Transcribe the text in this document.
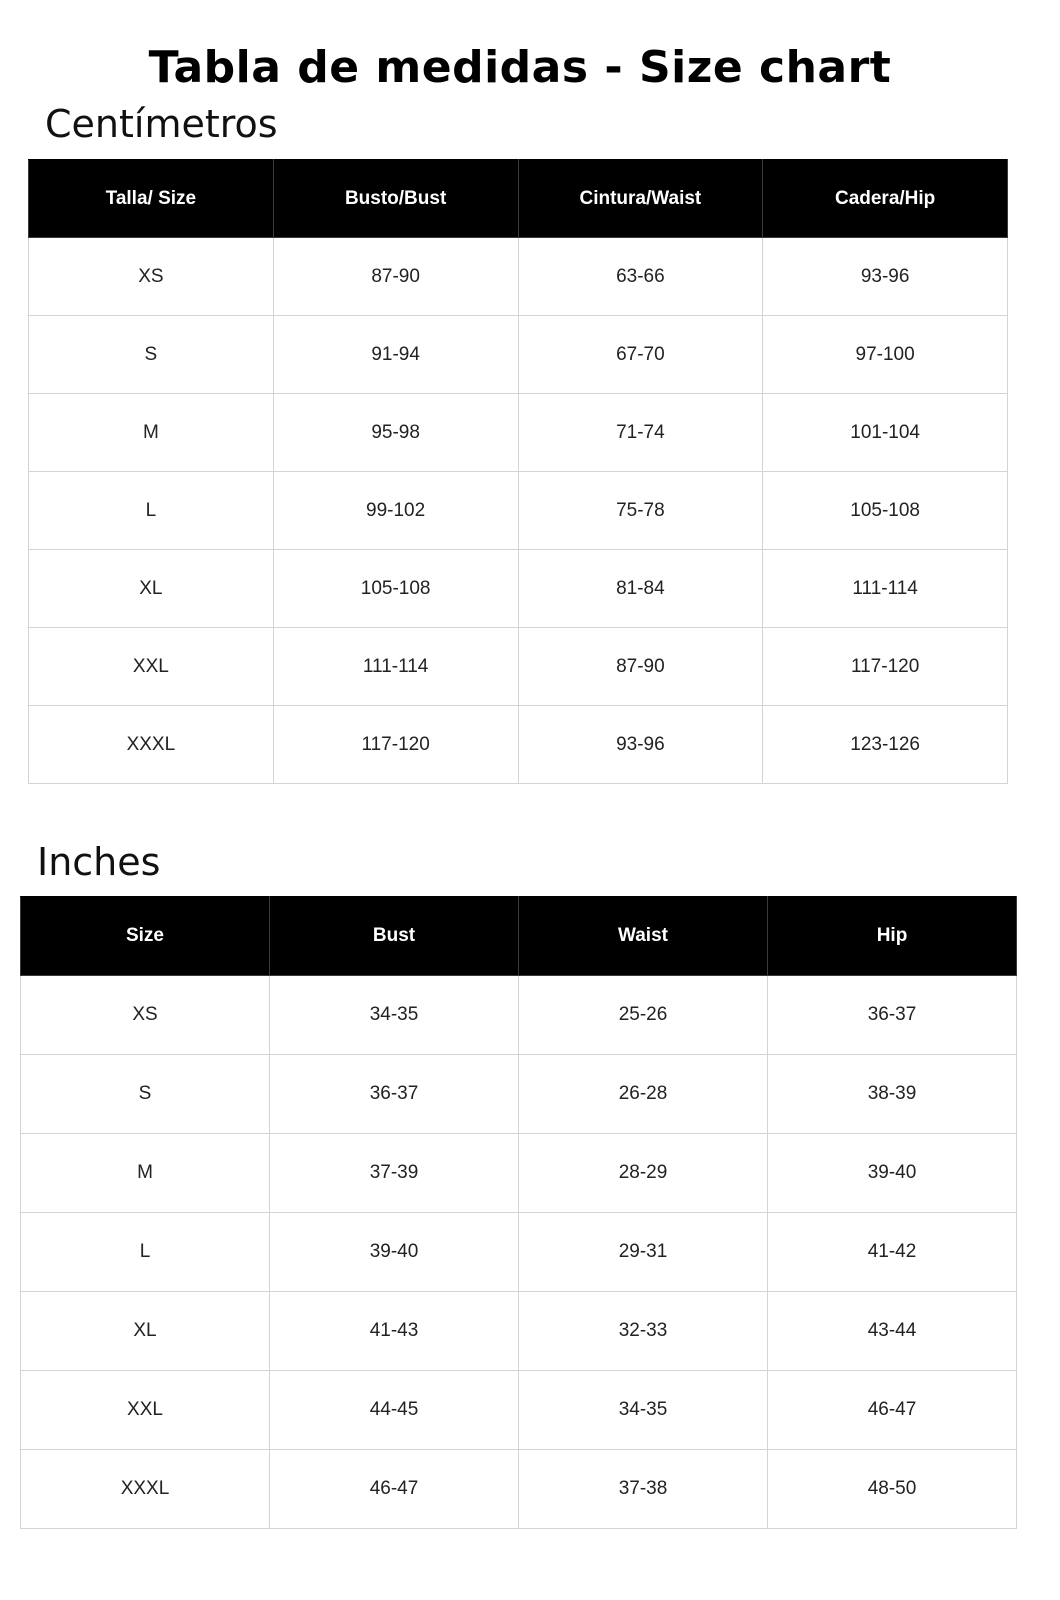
Tabla de medidas - Size chart
Centímetros
Talla/ Size	Busto/Bust	Cintura/Waist	Cadera/Hip
XS	87-90	63-66	93-96
S	91-94	67-70	97-100
M	95-98	71-74	101-104
L	99-102	75-78	105-108
XL	105-108	81-84	111-114
XXL	111-114	87-90	117-120
XXXL	117-120	93-96	123-126
Inches
Size	Bust	Waist	Hip
XS	34-35	25-26	36-37
S	36-37	26-28	38-39
M	37-39	28-29	39-40
L	39-40	29-31	41-42
XL	41-43	32-33	43-44
XXL	44-45	34-35	46-47
XXXL	46-47	37-38	48-50
